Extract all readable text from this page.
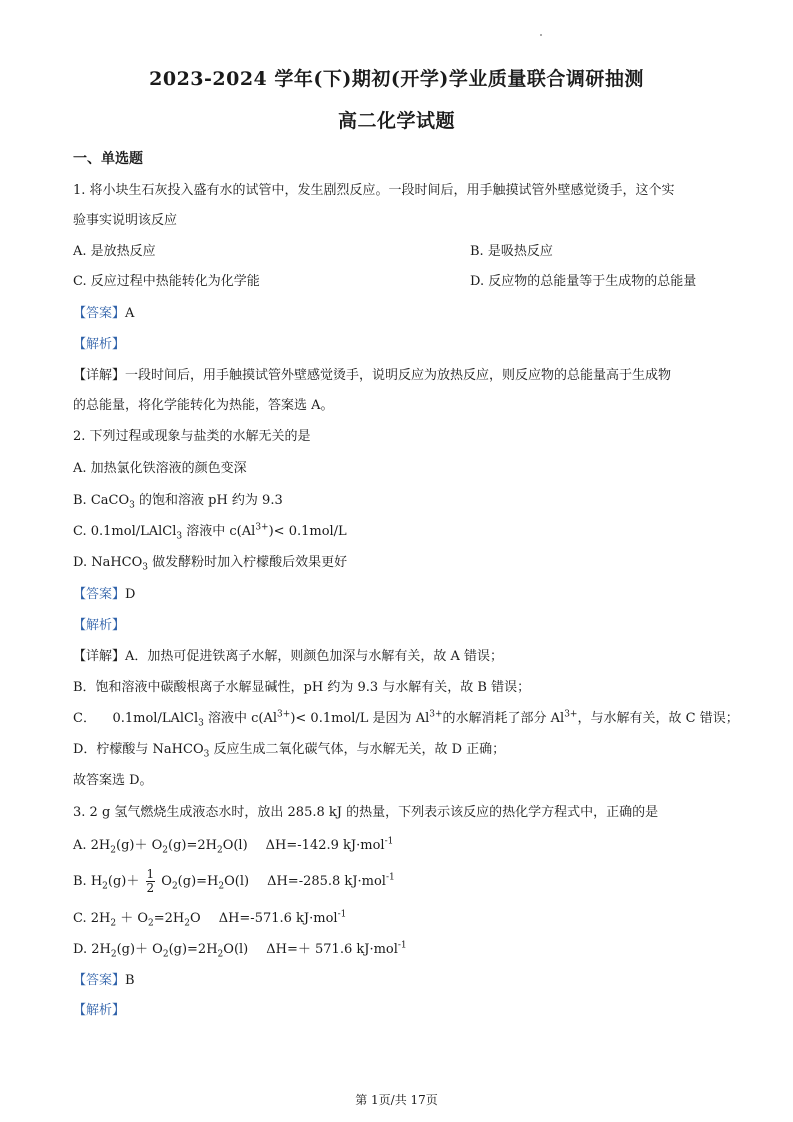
2023-2024 学年(下)期初(开学)学业质量联合调研抽测
高二化学试题
一、单选题
1. 将小块生石灰投入盛有水的试管中，发生剧烈反应。一段时间后，用手触摸试管外壁感觉烫手，这个实
验事实说明该反应
A. 是放热反应	B. 是吸热反应
C. 反应过程中热能转化为化学能	D. 反应物的总能量等于生成物的总能量
【答案】A
【解析】
【详解】一段时间后，用手触摸试管外壁感觉烫手，说明反应为放热反应，则反应物的总能量高于生成物
的总能量，将化学能转化为热能，答案选 A。
2. 下列过程或现象与盐类的水解无关的是
A. 加热氯化铁溶液的颜色变深
B. CaCO$_3$ 的饱和溶液 pH 约为 9.3
C. 0.1mol/LAlCl$_3$ 溶液中 $c(Al^{3+})< 0.1mol/L$
D. NaHCO$_3$ 做发酵粉时加入柠檬酸后效果更好
【答案】D
【解析】
【详解】A．加热可促进铁离子水解，则颜色加深与水解有关，故 A 错误；
B．饱和溶液中碳酸根离子水解显碱性，pH 约为 9.3 与水解有关，故 B 错误；
C．    0.1mol/LAlCl$_3$ 溶液中 $c(Al^{3+})< 0.1mol/L$ 是因为 $Al^{3+}$的水解消耗了部分 $Al^{3+}$，与水解有关，故 C 错误；
D．柠檬酸与 NaHCO$_3$ 反应生成二氧化碳气体，与水解无关，故 D 正确；
故答案选 D。
3. 2 g 氢气燃烧生成液态水时，放出 285.8 kJ 的热量，下列表示该反应的热化学方程式中，正确的是
A. $2H_2(g)+ O_2(g)=2H_2O(l)$ ΔH=-142.9 kJ·mol$^{-1}$
B. $H_2(g)+ \frac{1}{2} O_2(g)=H_2O(l)$ ΔH=-285.8 kJ·mol$^{-1}$
C. $2H_2 + O_2=2H_2O$ ΔH=-571.6 kJ·mol$^{-1}$
D. $2H_2(g)+ O_2(g)=2H_2O(l)$ ΔH=＋ 571.6 kJ·mol$^{-1}$
【答案】B
【解析】
第 1页/共 17页
